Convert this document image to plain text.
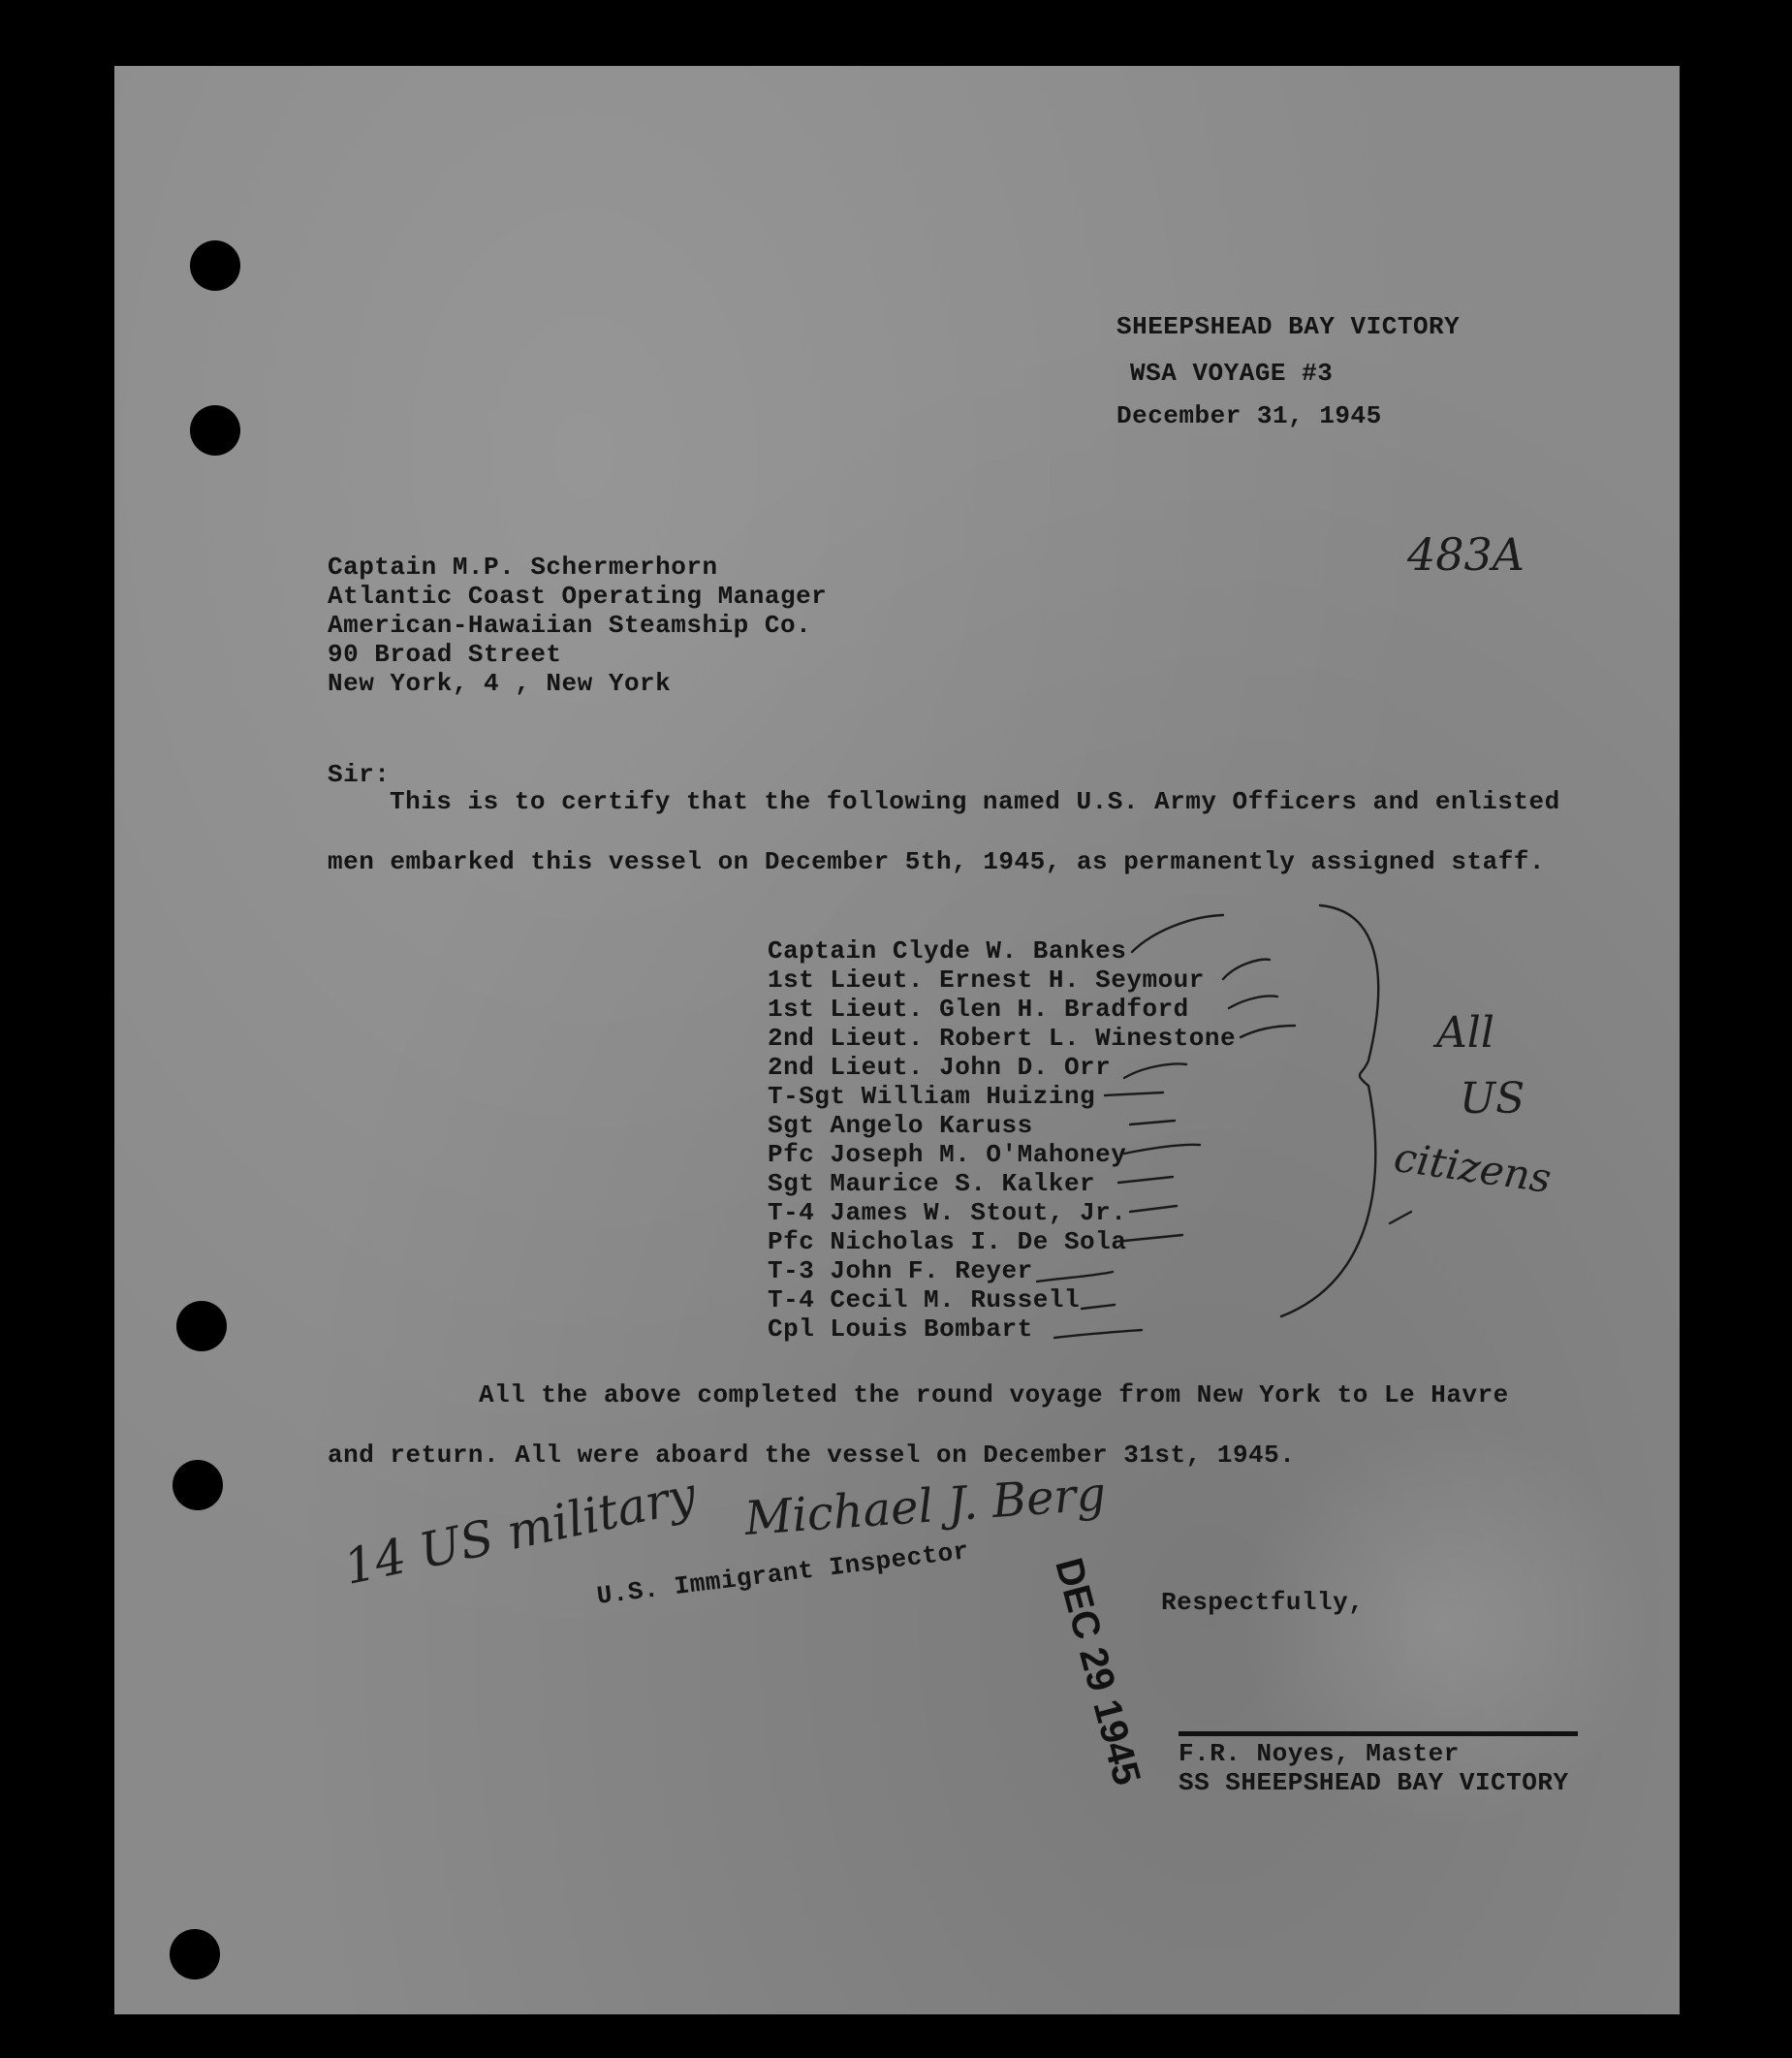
SHEEPSHEAD BAY VICTORY
WSA VOYAGE #3
December 31, 1945
483A
Captain M.P. Schermerhorn
Atlantic Coast Operating Manager
American-Hawaiian Steamship Co.
90 Broad Street
New York, 4 , New York
Sir:
This is to certify that the following named U.S. Army Officers and enlisted
men embarked this vessel on December 5th, 1945, as permanently assigned staff.
Captain Clyde W. Bankes
1st Lieut. Ernest H. Seymour
1st Lieut. Glen H. Bradford
2nd Lieut. Robert L. Winestone
2nd Lieut. John D. Orr
T-Sgt William Huizing
Sgt Angelo Karuss
Pfc Joseph M. O'Mahoney
Sgt Maurice S. Kalker
T-4 James W. Stout, Jr.
Pfc Nicholas I. De Sola
T-3 John F. Reyer
T-4 Cecil M. Russell
Cpl Louis Bombart
All
US
citizens
All the above completed the round voyage from New York to Le Havre
and return. All were aboard the vessel on December 31st, 1945.
14 US military Michael J. Berg
U.S. Immigrant Inspector DEC 29 1945 Respectfully,
F.R. Noyes, Master
SS SHEEPSHEAD BAY VICTORY
